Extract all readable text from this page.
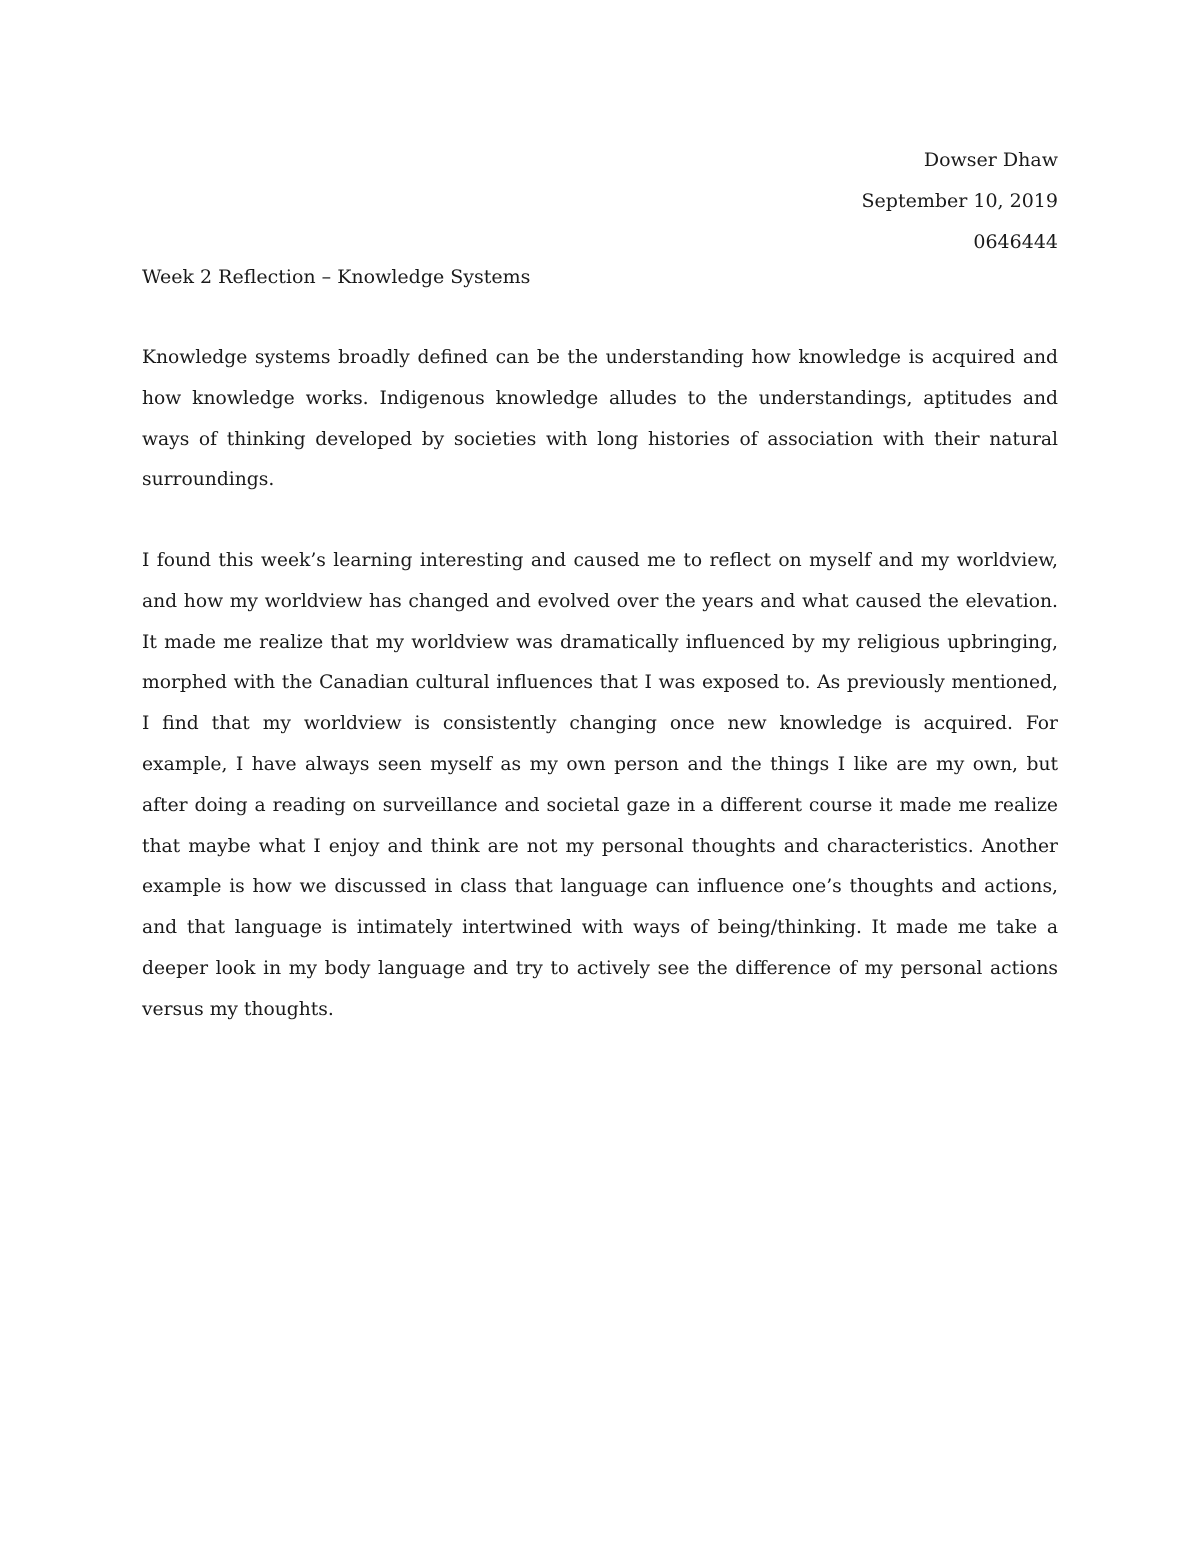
Dowser Dhaw
September 10, 2019
0646444
Week 2 Reflection – Knowledge Systems

Knowledge systems broadly defined can be the understanding how knowledge is acquired and how knowledge works. Indigenous knowledge alludes to the understandings, aptitudes and ways of thinking developed by societies with long histories of association with their natural surroundings.

I found this week’s learning interesting and caused me to reflect on myself and my worldview, and how my worldview has changed and evolved over the years and what caused the elevation. It made me realize that my worldview was dramatically influenced by my religious upbringing, morphed with the Canadian cultural influences that I was exposed to. As previously mentioned, I find that my worldview is consistently changing once new knowledge is acquired. For example, I have always seen myself as my own person and the things I like are my own, but after doing a reading on surveillance and societal gaze in a different course it made me realize that maybe what I enjoy and think are not my personal thoughts and characteristics. Another example is how we discussed in class that language can influence one’s thoughts and actions, and that language is intimately intertwined with ways of being/thinking. It made me take a deeper look in my body language and try to actively see the difference of my personal actions versus my thoughts.
